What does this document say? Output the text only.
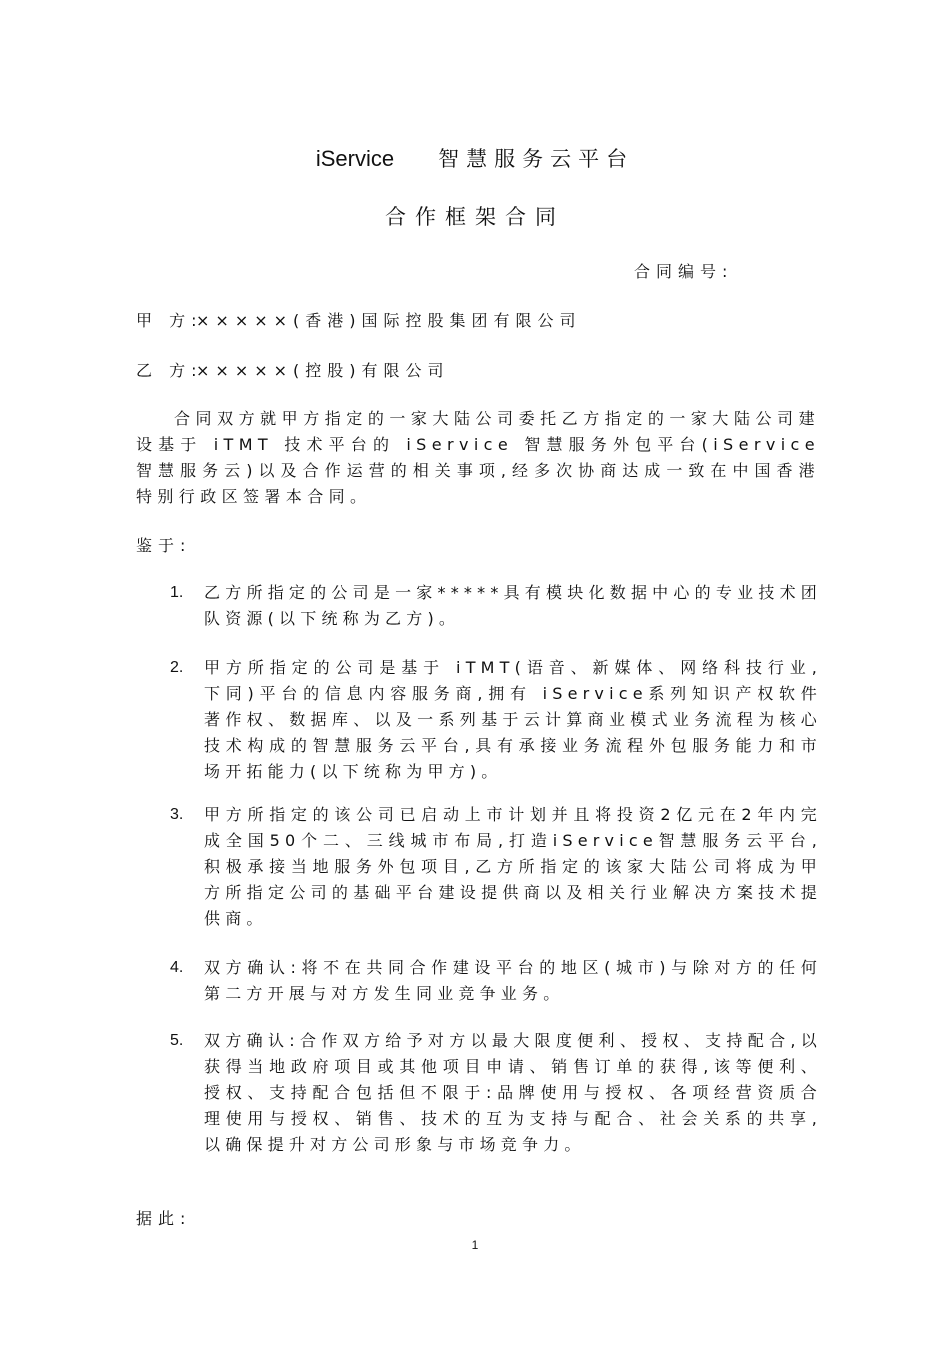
iService 智慧服务云平台
合作框架合同
合同编号:
甲 方:×××××(香港)国际控股集团有限公司
乙 方:×××××(控股)有限公司
合同双方就甲方指定的一家大陆公司委托乙方指定的一家大陆公司建设基于 iTMT 技术平台的 iService 智慧服务外包平台(iService 智慧服务云)以及合作运营的相关事项,经多次协商达成一致在中国香港特别行政区签署本合同。
鉴于:
1. 乙方所指定的公司是一家*****具有模块化数据中心的专业技术团队资源(以下统称为乙方)。
2. 甲方所指定的公司是基于 iTMT(语音、新媒体、网络科技行业,下同)平台的信息内容服务商,拥有 iService系列知识产权软件著作权、数据库、以及一系列基于云计算商业模式业务流程为核心技术构成的智慧服务云平台,具有承接业务流程外包服务能力和市场开拓能力(以下统称为甲方)。
3. 甲方所指定的该公司已启动上市计划并且将投资2亿元在2年内完成全国50个二、三线城市布局,打造iService智慧服务云平台,积极承接当地服务外包项目,乙方所指定的该家大陆公司将成为甲方所指定公司的基础平台建设提供商以及相关行业解决方案技术提供商。
4. 双方确认:将不在共同合作建设平台的地区(城市)与除对方的任何第二方开展与对方发生同业竞争业务。
5. 双方确认:合作双方给予对方以最大限度便利、授权、支持配合,以获得当地政府项目或其他项目申请、销售订单的获得,该等便利、授权、支持配合包括但不限于:品牌使用与授权、各项经营资质合理使用与授权、销售、技术的互为支持与配合、社会关系的共享,以确保提升对方公司形象与市场竞争力。
据此:
1
